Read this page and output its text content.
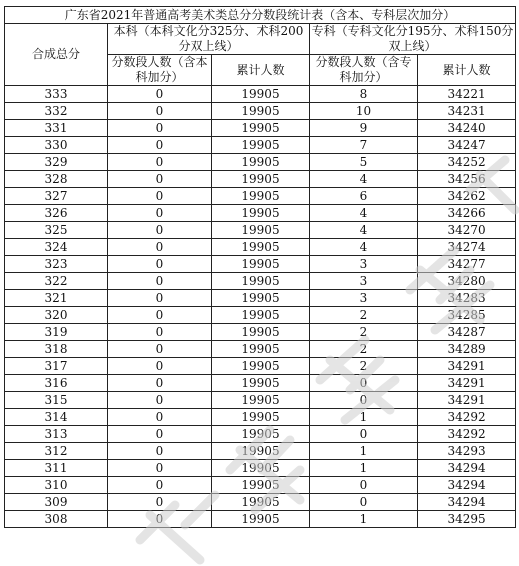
广东省2021年普通高考美术类总分分数段统计表（含本、专科层次加分）				
合成总分	本科（本科文化分325分、术科200分双上线）		专科（专科文化分195分、术科150分双上线）	
	分数段人数（含本科加分）	累计人数	分数段人数（含专科加分）	累计人数
333	0	19905	8	34221
332	0	19905	10	34231
331	0	19905	9	34240
330	0	19905	7	34247
329	0	19905	5	34252
328	0	19905	4	34256
327	0	19905	6	34262
326	0	19905	4	34266
325	0	19905	4	34270
324	0	19905	4	34274
323	0	19905	3	34277
322	0	19905	3	34280
321	0	19905	3	34283
320	0	19905	2	34285
319	0	19905	2	34287
318	0	19905	2	34289
317	0	19905	2	34291
316	0	19905	0	34291
315	0	19905	0	34291
314	0	19905	1	34292
313	0	19905	0	34292
312	0	19905	1	34293
311	0	19905	1	34294
310	0	19905	0	34294
309	0	19905	0	34294
308	0	19905	1	34295
